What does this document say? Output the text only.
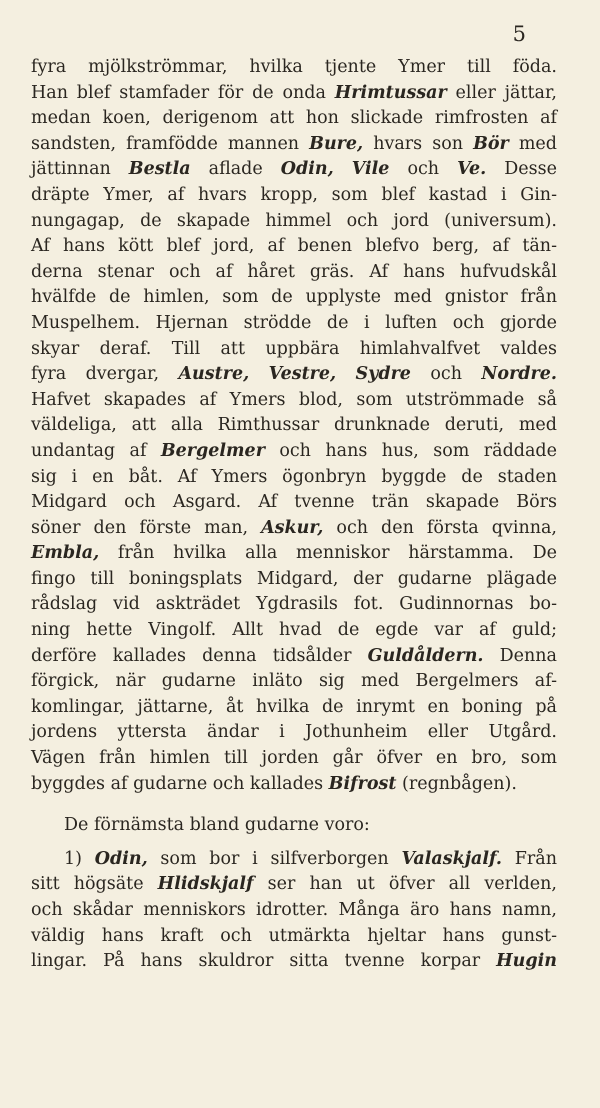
5
fyra mjölkströmmar, hvilka tjente Ymer till föda.
Han blef stamfader för de onda Hrimtussar eller jättar,
medan koen, derigenom att hon slickade rimfrosten af
sandsten, framfödde mannen Bure, hvars son Bör med
jättinnan Bestla aflade Odin, Vile och Ve. Desse
dräpte Ymer, af hvars kropp, som blef kastad i Gin-
nungagap, de skapade himmel och jord (universum).
Af hans kött blef jord, af benen blefvo berg, af tän-
derna stenar och af håret gräs. Af hans hufvudskål
hvälfde de himlen, som de upplyste med gnistor från
Muspelhem. Hjernan strödde de i luften och gjorde
skyar deraf. Till att uppbära himlahvalfvet valdes
fyra dvergar, Austre, Vestre, Sydre och Nordre.
Hafvet skapades af Ymers blod, som utströmmade så
väldeliga, att alla Rimthussar drunknade deruti, med
undantag af Bergelmer och hans hus, som räddade
sig i en båt. Af Ymers ögonbryn byggde de staden
Midgard och Asgard. Af tvenne trän skapade Börs
söner den förste man, Askur, och den första qvinna,
Embla, från hvilka alla menniskor härstamma. De
fingo till boningsplats Midgard, der gudarne plägade
rådslag vid askträdet Ygdrasils fot. Gudinnornas bo-
ning hette Vingolf. Allt hvad de egde var af guld;
derföre kallades denna tidsålder Guldåldern. Denna
förgick, när gudarne inläto sig med Bergelmers af-
komlingar, jättarne, åt hvilka de inrymt en boning på
jordens yttersta ändar i Jothunheim eller Utgård.
Vägen från himlen till jorden går öfver en bro, som
byggdes af gudarne och kallades Bifrost (regnbågen).
De förnämsta bland gudarne voro:
1) Odin, som bor i silfverborgen Valaskjalf. Från
sitt högsäte Hlidskjalf ser han ut öfver all verlden,
och skådar menniskors idrotter. Många äro hans namn,
väldig hans kraft och utmärkta hjeltar hans gunst-
lingar. På hans skuldror sitta tvenne korpar Hugin
